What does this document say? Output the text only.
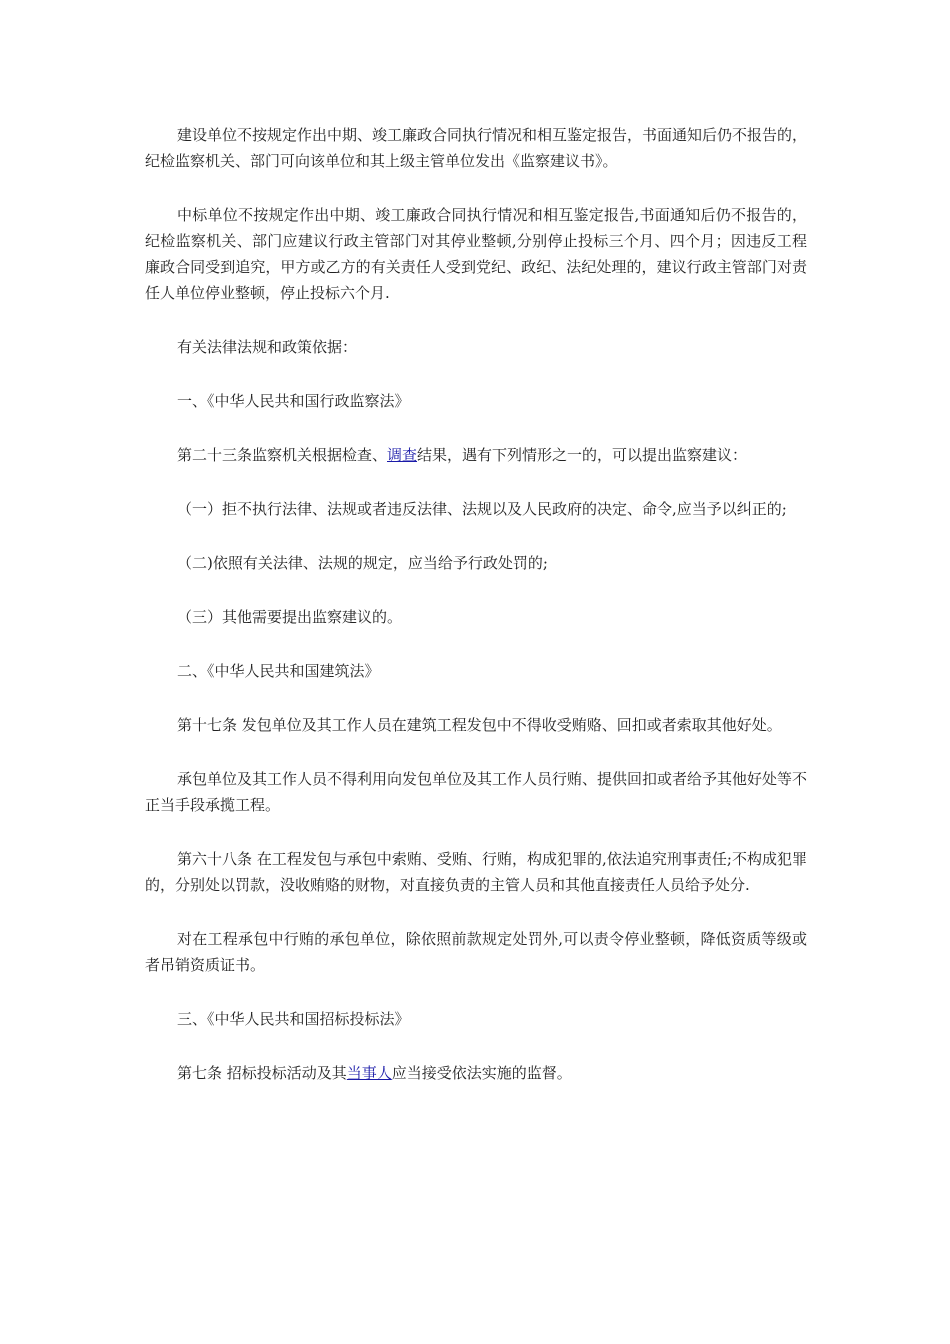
建设单位不按规定作出中期、竣工廉政合同执行情况和相互鉴定报告，书面通知后仍不报告的，纪检监察机关、部门可向该单位和其上级主管单位发出《监察建议书》。

中标单位不按规定作出中期、竣工廉政合同执行情况和相互鉴定报告,书面通知后仍不报告的，纪检监察机关、部门应建议行政主管部门对其停业整顿,分别停止投标三个月、四个月；因违反工程廉政合同受到追究，甲方或乙方的有关责任人受到党纪、政纪、法纪处理的，建议行政主管部门对责任人单位停业整顿，停止投标六个月.

有关法律法规和政策依据：

一、《中华人民共和国行政监察法》

第二十三条监察机关根据检查、调查结果，遇有下列情形之一的，可以提出监察建议：

（一）拒不执行法律、法规或者违反法律、法规以及人民政府的决定、命令,应当予以纠正的;

（二)依照有关法律、法规的规定，应当给予行政处罚的;

（三）其他需要提出监察建议的。

二、《中华人民共和国建筑法》

第十七条 发包单位及其工作人员在建筑工程发包中不得收受贿赂、回扣或者索取其他好处。

承包单位及其工作人员不得利用向发包单位及其工作人员行贿、提供回扣或者给予其他好处等不正当手段承揽工程。

第六十八条 在工程发包与承包中索贿、受贿、行贿，构成犯罪的,依法追究刑事责任;不构成犯罪的，分别处以罚款，没收贿赂的财物，对直接负责的主管人员和其他直接责任人员给予处分.

对在工程承包中行贿的承包单位，除依照前款规定处罚外,可以责令停业整顿，降低资质等级或者吊销资质证书。

三、《中华人民共和国招标投标法》

第七条 招标投标活动及其当事人应当接受依法实施的监督。
